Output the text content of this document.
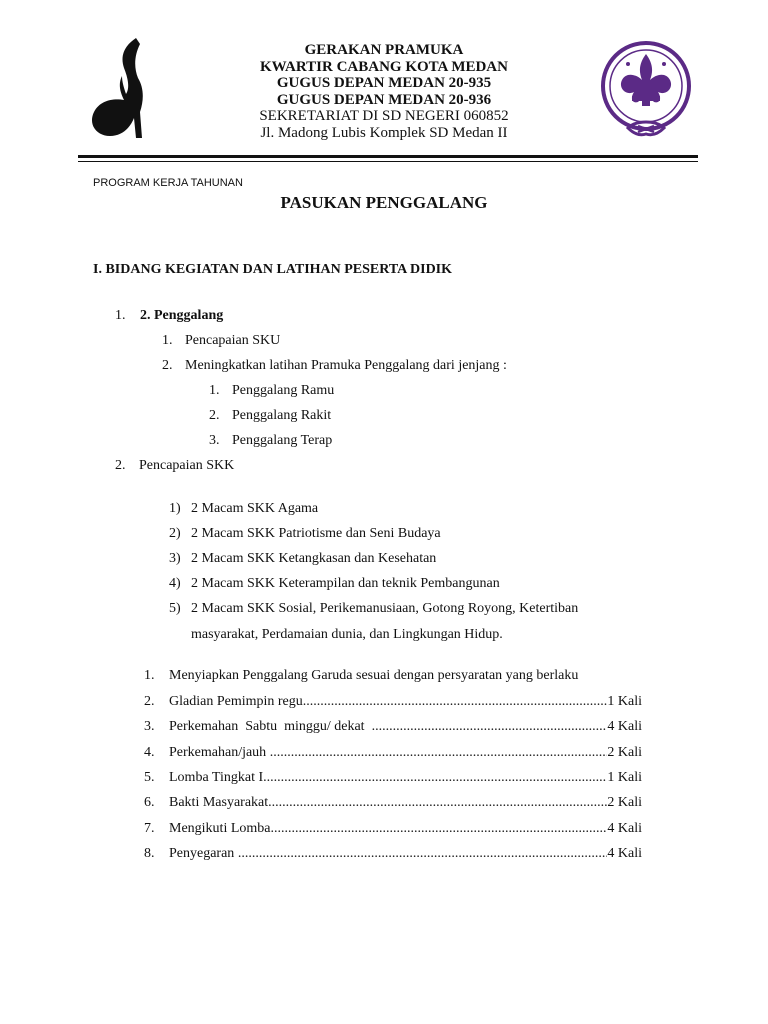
GERAKAN PRAMUKA
KWARTIR CABANG KOTA MEDAN
GUGUS DEPAN MEDAN 20-935
GUGUS DEPAN MEDAN 20-936
SEKRETARIAT DI SD NEGERI 060852
Jl. Madong Lubis Komplek SD Medan II
PROGRAM KERJA TAHUNAN
PASUKAN PENGGALANG
I. BIDANG KEGIATAN DAN LATIHAN PESERTA DIDIK
1. 2. Penggalang
1. Pencapaian SKU
2. Meningkatkan latihan Pramuka Penggalang dari jenjang :
1. Penggalang Ramu
2. Penggalang Rakit
3. Penggalang Terap
2. Pencapaian SKK
1) 2 Macam SKK Agama
2) 2 Macam SKK Patriotisme dan Seni Budaya
3) 2 Macam SKK Ketangkasan dan Kesehatan
4) 2 Macam SKK Keterampilan dan teknik Pembangunan
5) 2 Macam SKK Sosial, Perikemanusiaan, Gotong Royong, Ketertiban
masyarakat, Perdamaian dunia, dan Lingkungan Hidup.
1. Menyiapkan Penggalang Garuda sesuai dengan persyaratan yang berlaku
2. Gladian Pemimpin regu .....	1 Kali
3. Perkemahan  Sabtu  minggu/ dekat .....	4 Kali
4. Perkemahan/jauh .....	2 Kali
5. Lomba Tingkat I .....	1 Kali
6. Bakti Masyarakat .....	2 Kali
7. Mengikuti Lomba .....	4 Kali
8. Penyegaran .....	4 Kali
